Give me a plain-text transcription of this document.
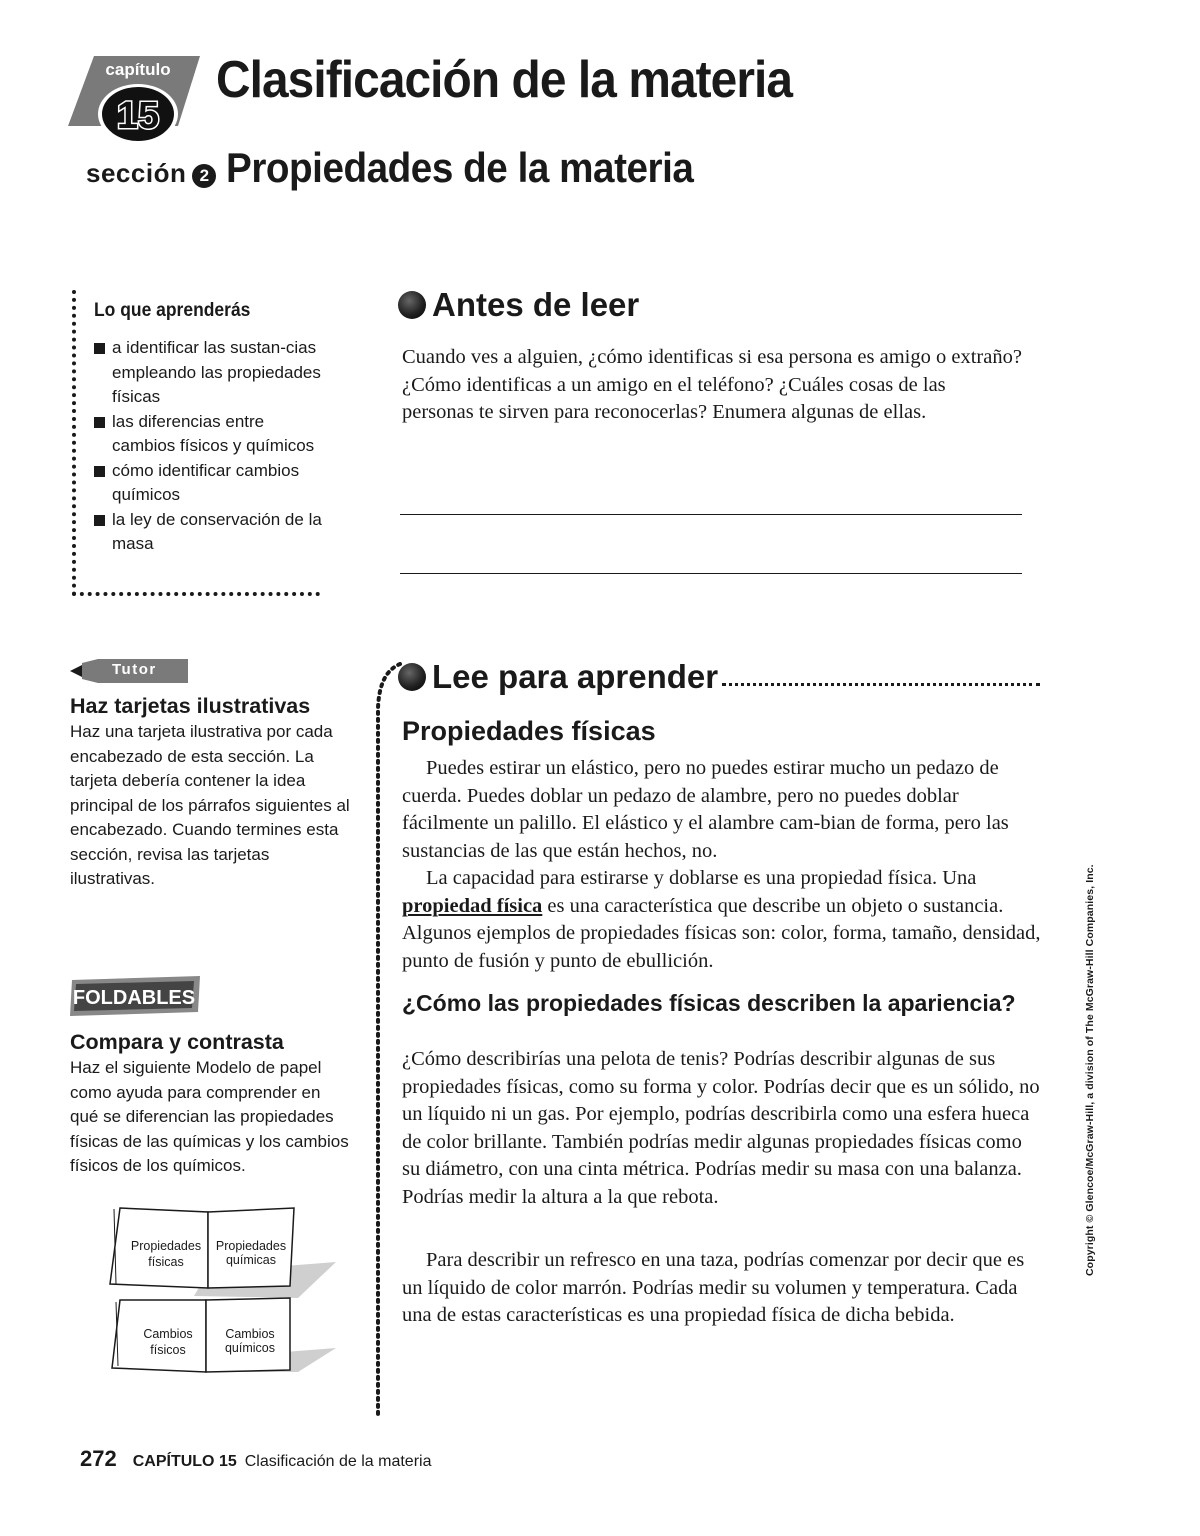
capítulo
15
Clasificación de la materia
sección 2 Propiedades de la materia
Lo que aprenderás
a identificar las sustan-cias empleando las propiedades físicas
las diferencias entre cambios físicos y químicos
cómo identificar cambios químicos
la ley de conservación de la masa
Antes de leer

Cuando ves a alguien, ¿cómo identificas si esa persona es amigo o extraño? ¿Cómo identificas a un amigo en el teléfono? ¿Cuáles cosas de las personas te sirven para reconocerlas? Enumera algunas de ellas.

Lee para aprender
Propiedades físicas

Puedes estirar un elástico, pero no puedes estirar mucho un pedazo de cuerda. Puedes doblar un pedazo de alambre, pero no puedes doblar fácilmente un palillo. El elástico y el alambre cam-bian de forma, pero las sustancias de las que están hechos, no.

La capacidad para estirarse y doblarse es una propiedad física. Una propiedad física es una característica que describe un objeto o sustancia. Algunos ejemplos de propiedades físicas son: color, forma, tamaño, densidad, punto de fusión y punto de ebullición.

¿Cómo las propiedades físicas describen la apariencia?

¿Cómo describirías una pelota de tenis? Podrías describir algunas de sus propiedades físicas, como su forma y color. Podrías decir que es un sólido, no un líquido ni un gas. Por ejemplo, podrías describirla como una esfera hueca de color brillante. También podrías medir algunas propiedades físicas como su diámetro, con una cinta métrica. Podrías medir su masa con una balanza. Podrías medir la altura a la que rebota.

Para describir un refresco en una taza, podrías comenzar por decir que es un líquido de color marrón. Podrías medir su volumen y temperatura. Cada una de estas características es una propiedad física de dicha bebida.

Tutor
Haz tarjetas ilustrativas

Haz una tarjeta ilustrativa por cada encabezado de esta sección. La tarjeta debería contener la idea principal de los párrafos siguientes al encabezado. Cuando termines esta sección, revisa las tarjetas ilustrativas.

FOLDABLES
Compara y contrasta

Haz el siguiente Modelo de papel como ayuda para comprender en qué se diferencian las propiedades físicas de las químicas y los cambios físicos de los químicos.

Propiedades
físicas
Propiedades
químicas
Cambios
físicos
Cambios
químicos
Copyright © Glencoe/McGraw-Hill, a division of The McGraw-Hill Companies, Inc.
272 CAPÍTULO 15 Clasificación de la materia
